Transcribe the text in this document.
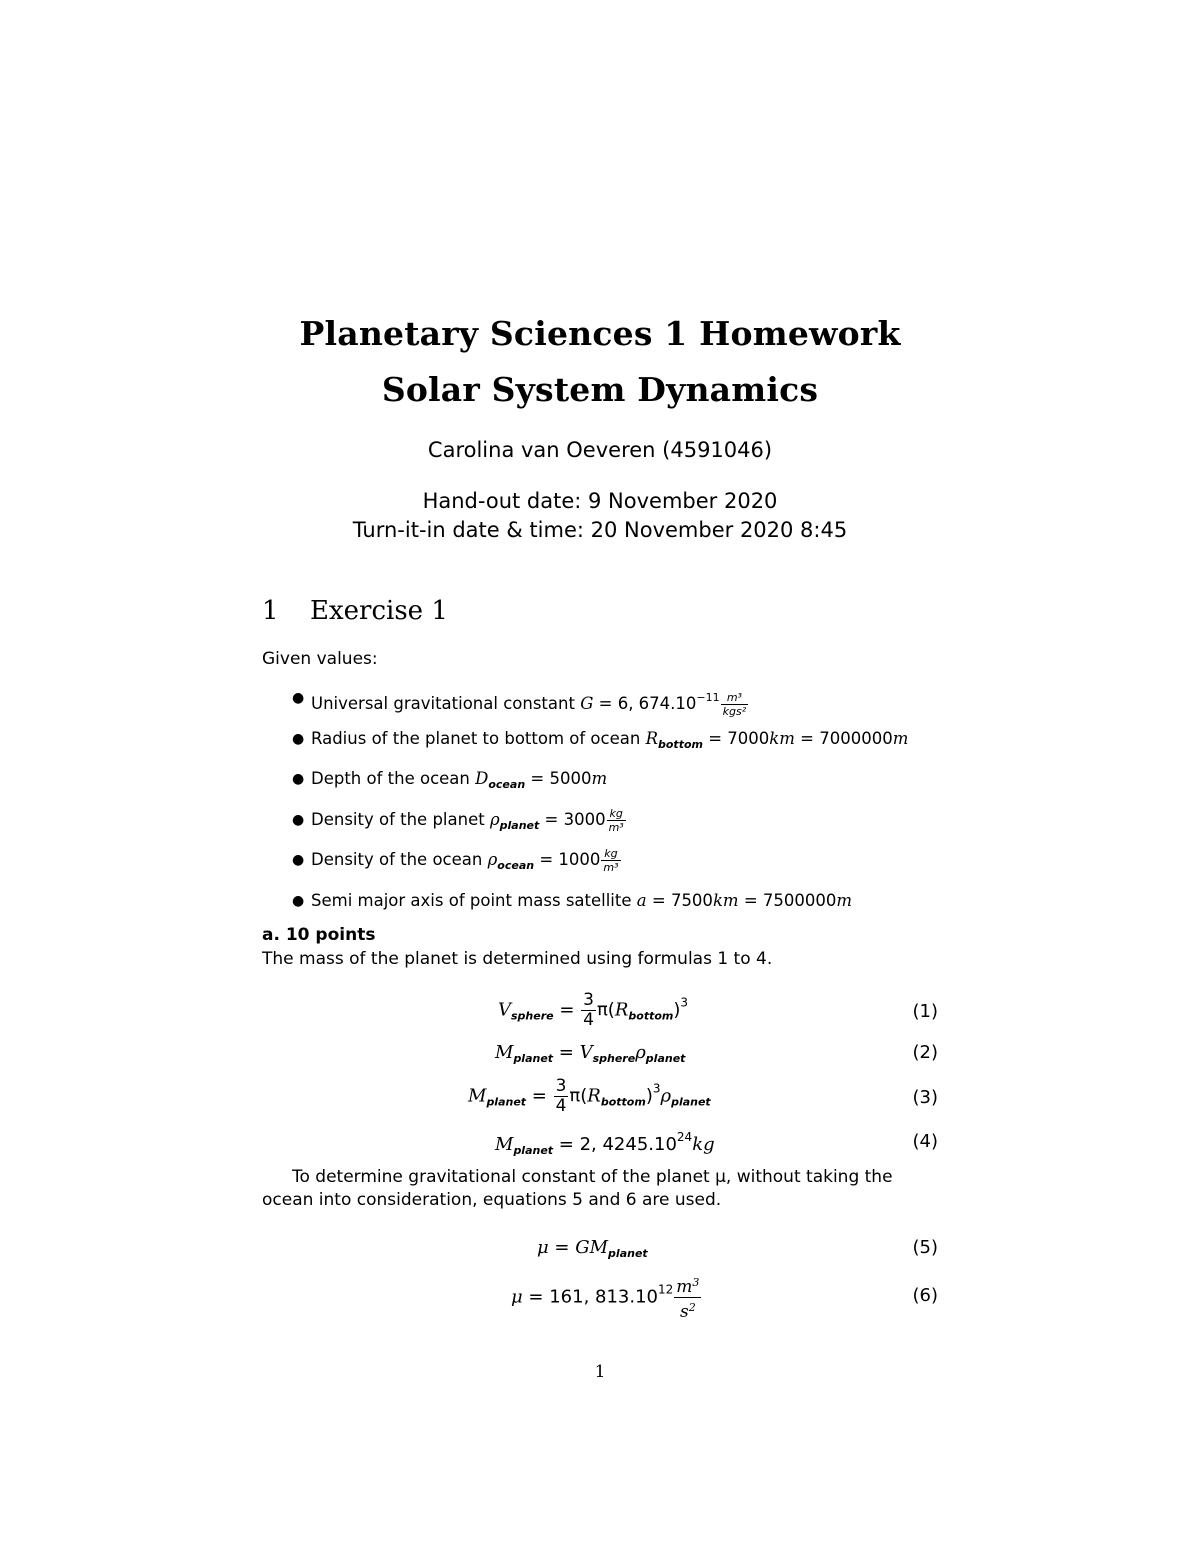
Planetary Sciences 1 Homework
Solar System Dynamics
Carolina van Oeveren (4591046)
Hand-out date: 9 November 2020
Turn-it-in date & time: 20 November 2020 8:45
1 Exercise 1
Given values:
● Universal gravitational constant G = 6, $674.10^{-11} \frac{\text{m³}}{\text{kgs²}}$
● Radius of the planet to bottom of ocean $R_{bottom} = 7000km = 7000000m$
● Depth of the ocean $D_{ocean} = 5000m$
● Density of the planet $\rho_{planet} = 3000 \frac{kg}{\text{m³}}$
● Density of the ocean $\rho_{ocean} = 1000 \frac{kg}{\text{m³}}$
● Semi major axis of point mass satellite a = 7500km = 7500000m
a. 10 points
The mass of the planet is determined using formulas 1 to 4.
$V_{sphere} = \frac{3}{4} \pi(R_{bottom})^3$	(1)
$M_{planet} = V_{sphere}\rho_{planet}$	(2)
$M_{planet} = \frac{3}{4} \pi(R_{bottom})^3\rho_{planet}$	(3)
$M_{planet} = 2$, 4245.10$^{24}$kg	(4)
To determine gravitational constant of the planet μ, without taking the
ocean into consideration, equations 5 and 6 are used.
$\mu = GM_{planet}$	(5)
μ = 161, $813.10^{12} \frac{m^3}{s^2}$	(6)
1
